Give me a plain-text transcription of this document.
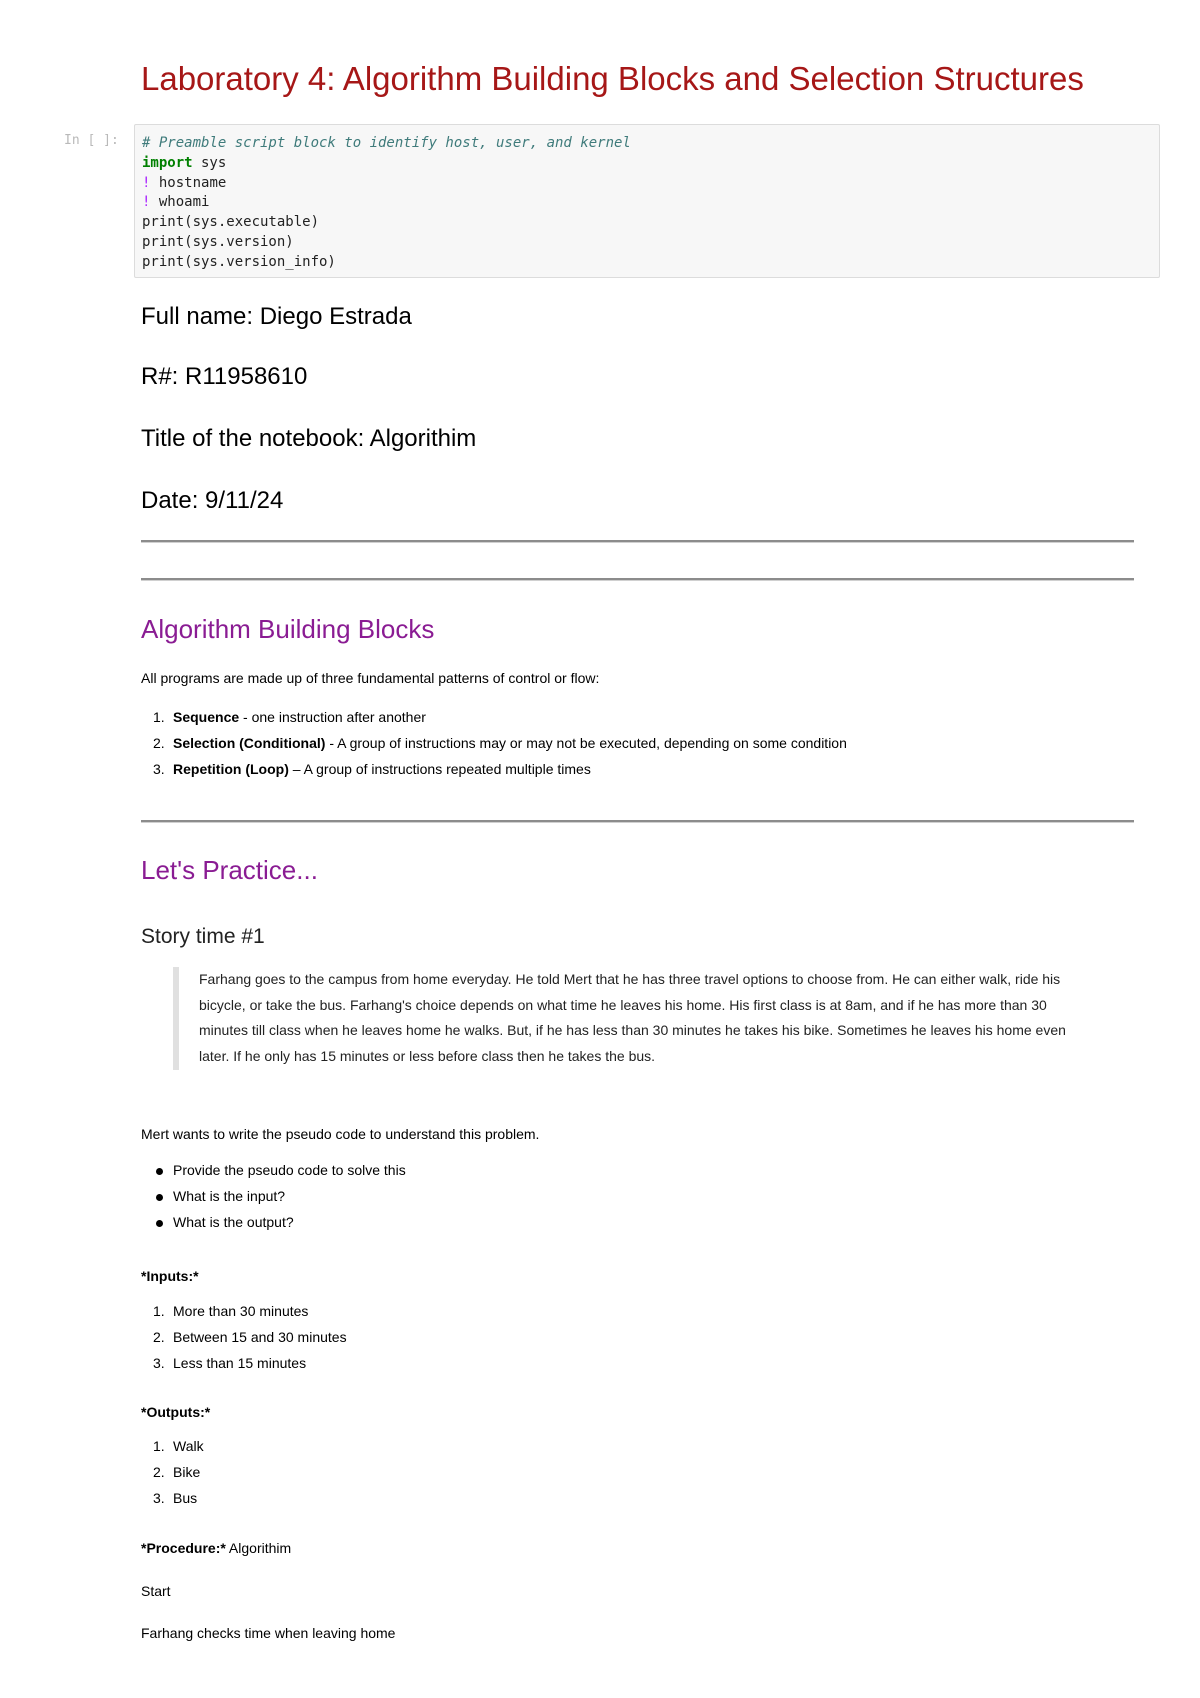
Laboratory 4: Algorithm Building Blocks and Selection Structures
In [ ]: # Preamble script block to identify host, user, and kernel
import sys
! hostname
! whoami
print(sys.executable)
print(sys.version)
print(sys.version_info)

Full name: Diego Estrada

R#: R11958610

Title of the notebook: Algorithim

Date: 9/11/24

Algorithm Building Blocks

All programs are made up of three fundamental patterns of control or flow:

1. Sequence - one instruction after another
2. Selection (Conditional) - A group of instructions may or may not be executed, depending on some condition
3. Repetition (Loop) – A group of instructions repeated multiple times
Let's Practice...
Story time #1

Farhang goes to the campus from home everyday. He told Mert that he has three travel options to choose from. He can either walk, ride his bicycle, or take the bus. Farhang's choice depends on what time he leaves his home. His first class is at 8am, and if he has more than 30 minutes till class when he leaves home he walks. But, if he has less than 30 minutes he takes his bike. Sometimes he leaves his home even later. If he only has 15 minutes or less before class then he takes the bus.

Mert wants to write the pseudo code to understand this problem.

Provide the pseudo code to solve this
What is the input?
What is the output?

*Inputs:*

1. More than 30 minutes
2. Between 15 and 30 minutes
3. Less than 15 minutes

*Outputs:*

1. Walk
2. Bike
3. Bus

*Procedure:* Algorithim

Start

Farhang checks time when leaving home
